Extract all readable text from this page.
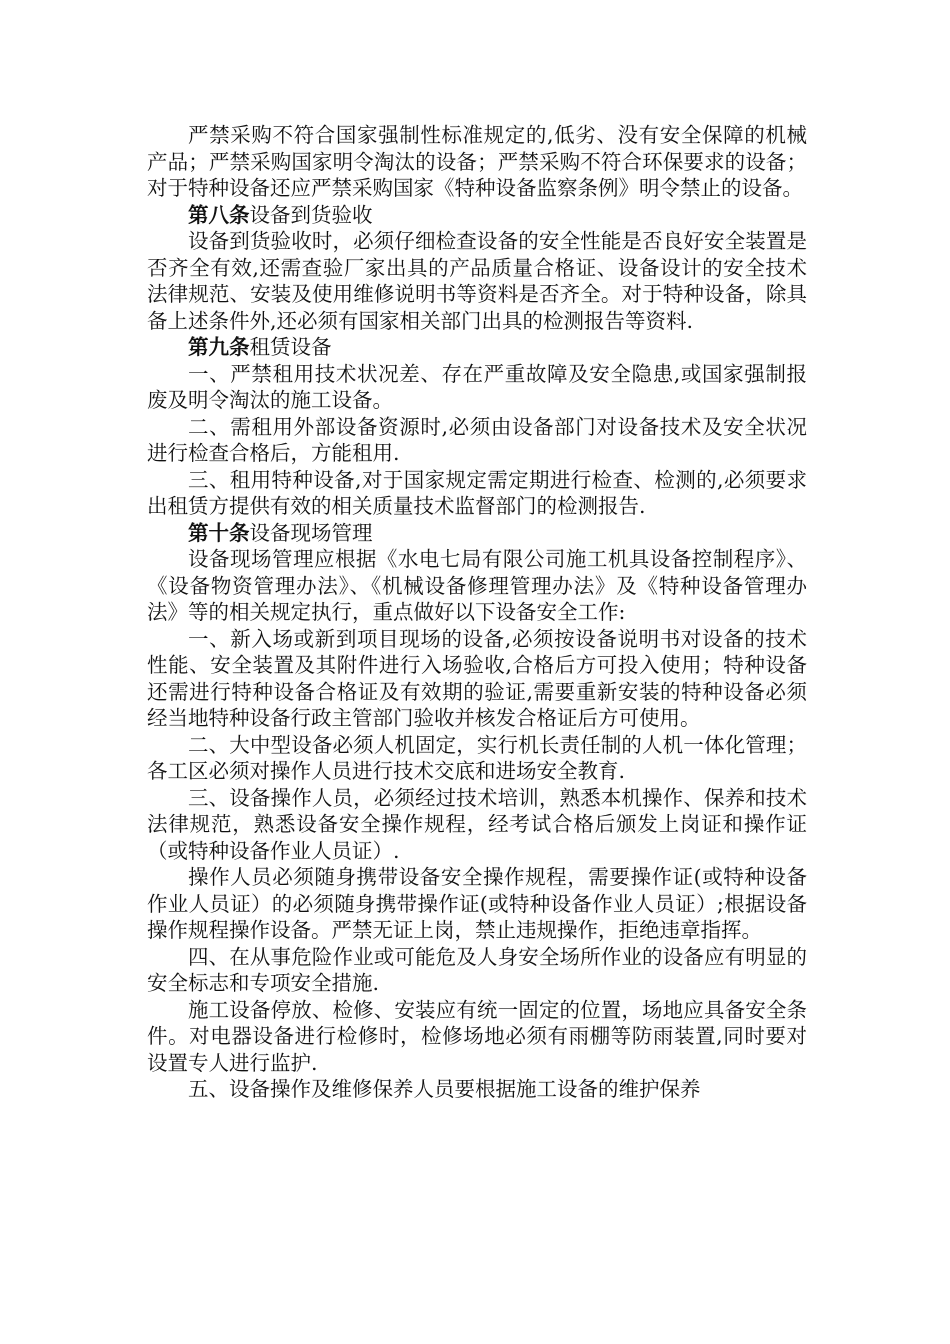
严禁采购不符合国家强制性标准规定的,低劣、没有安全保障的机械产品；严禁采购国家明令淘汰的设备；严禁采购不符合环保要求的设备；对于特种设备还应严禁采购国家《特种设备监察条例》明令禁止的设备。

第八条设备到货验收

设备到货验收时，必须仔细检查设备的安全性能是否良好安全装置是否齐全有效,还需查验厂家出具的产品质量合格证、设备设计的安全技术法律规范、安装及使用维修说明书等资料是否齐全。对于特种设备，除具备上述条件外,还必须有国家相关部门出具的检测报告等资料.

第九条租赁设备

一、严禁租用技术状况差、存在严重故障及安全隐患,或国家强制报废及明令淘汰的施工设备。

二、需租用外部设备资源时,必须由设备部门对设备技术及安全状况进行检查合格后，方能租用.

三、租用特种设备,对于国家规定需定期进行检查、检测的,必须要求出租赁方提供有效的相关质量技术监督部门的检测报告.

第十条设备现场管理

设备现场管理应根据《水电七局有限公司施工机具设备控制程序》、《设备物资管理办法》、《机械设备修理管理办法》及《特种设备管理办法》等的相关规定执行，重点做好以下设备安全工作:

一、新入场或新到项目现场的设备,必须按设备说明书对设备的技术性能、安全装置及其附件进行入场验收,合格后方可投入使用；特种设备还需进行特种设备合格证及有效期的验证,需要重新安装的特种设备必须经当地特种设备行政主管部门验收并核发合格证后方可使用。

二、大中型设备必须人机固定，实行机长责任制的人机一体化管理；各工区必须对操作人员进行技术交底和进场安全教育.

三、设备操作人员，必须经过技术培训，熟悉本机操作、保养和技术法律规范，熟悉设备安全操作规程，经考试合格后颁发上岗证和操作证（或特种设备作业人员证）.

操作人员必须随身携带设备安全操作规程，需要操作证(或特种设备作业人员证）的必须随身携带操作证(或特种设备作业人员证）;根据设备操作规程操作设备。严禁无证上岗，禁止违规操作，拒绝违章指挥。

四、在从事危险作业或可能危及人身安全场所作业的设备应有明显的安全标志和专项安全措施.

施工设备停放、检修、安装应有统一固定的位置，场地应具备安全条件。对电器设备进行检修时，检修场地必须有雨棚等防雨装置,同时要对设置专人进行监护.

五、设备操作及维修保养人员要根据施工设备的维护保养
